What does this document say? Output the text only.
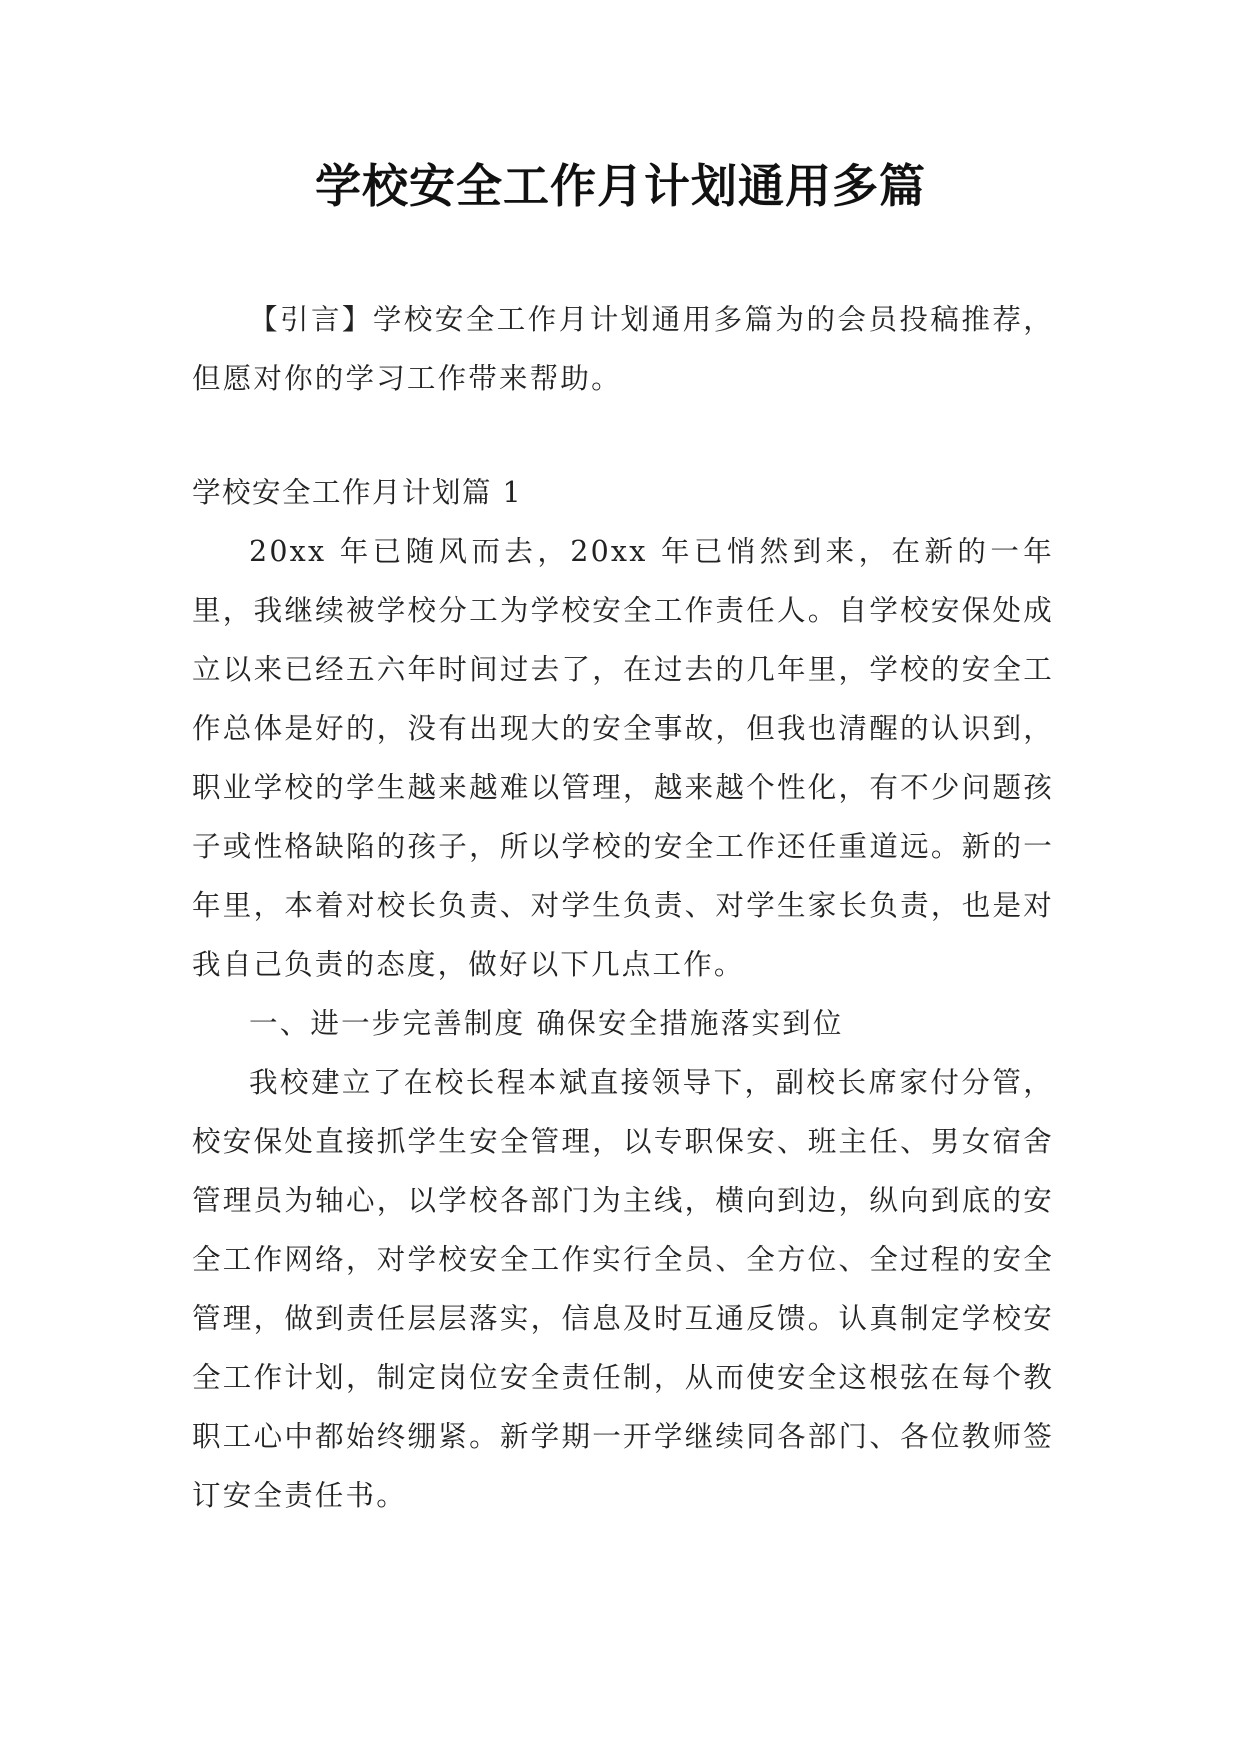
学校安全工作月计划通用多篇

【引言】学校安全工作月计划通用多篇为的会员投稿推荐，但愿对你的学习工作带来帮助。

学校安全工作月计划篇 1

20xx 年已随风而去，20xx 年已悄然到来，在新的一年里，我继续被学校分工为学校安全工作责任人。自学校安保处成立以来已经五六年时间过去了，在过去的几年里，学校的安全工作总体是好的，没有出现大的安全事故，但我也清醒的认识到，职业学校的学生越来越难以管理，越来越个性化，有不少问题孩子或性格缺陷的孩子，所以学校的安全工作还任重道远。新的一年里，本着对校长负责、对学生负责、对学生家长负责，也是对我自己负责的态度，做好以下几点工作。

一、进一步完善制度 确保安全措施落实到位

我校建立了在校长程本斌直接领导下，副校长席家付分管，校安保处直接抓学生安全管理，以专职保安、班主任、男女宿舍管理员为轴心，以学校各部门为主线，横向到边，纵向到底的安全工作网络，对学校安全工作实行全员、全方位、全过程的安全管理，做到责任层层落实，信息及时互通反馈。认真制定学校安全工作计划，制定岗位安全责任制，从而使安全这根弦在每个教职工心中都始终绷紧。新学期一开学继续同各部门、各位教师签订安全责任书。
